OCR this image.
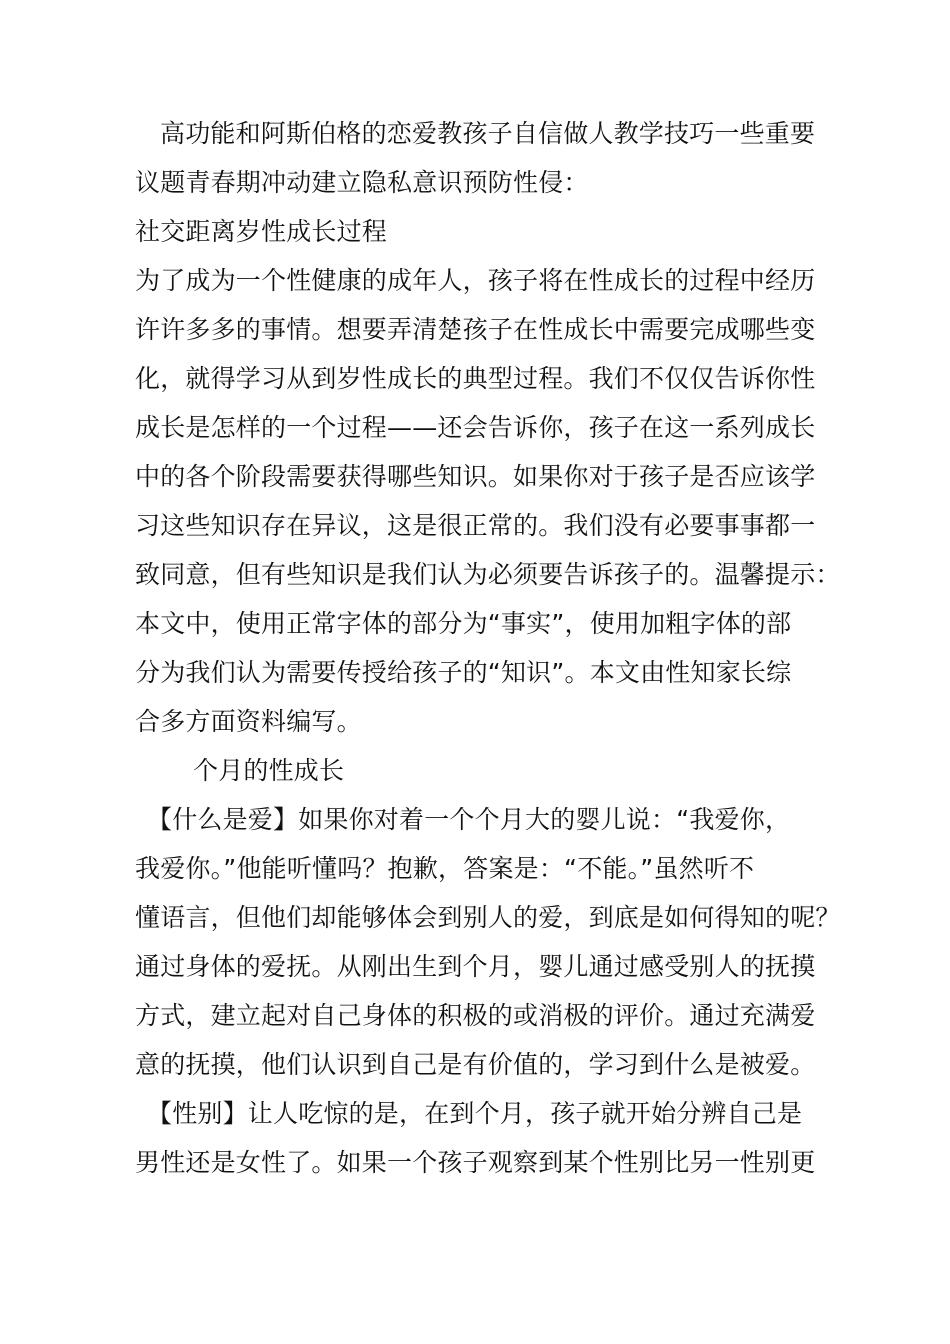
高功能和阿斯伯格的恋爱教孩子自信做人教学技巧一些重要
议题青春期冲动建立隐私意识预防性侵：
社交距离岁性成长过程
为了成为一个性健康的成年人，孩子将在性成长的过程中经历
许许多多的事情。想要弄清楚孩子在性成长中需要完成哪些变
化，就得学习从到岁性成长的典型过程。我们不仅仅告诉你性
成长是怎样的一个过程——还会告诉你，孩子在这一系列成长
中的各个阶段需要获得哪些知识。如果你对于孩子是否应该学
习这些知识存在异议，这是很正常的。我们没有必要事事都一
致同意，但有些知识是我们认为必须要告诉孩子的。温馨提示：
本文中，使用正常字体的部分为“事实”，使用加粗字体的部
分为我们认为需要传授给孩子的“知识”。本文由性知家长综
合多方面资料编写。
个月的性成长
【什么是爱】如果你对着一个个月大的婴儿说：“我爱你，
我爱你。”他能听懂吗？抱歉，答案是：“不能。”虽然听不
懂语言，但他们却能够体会到别人的爱，到底是如何得知的呢？
通过身体的爱抚。从刚出生到个月，婴儿通过感受别人的抚摸
方式，建立起对自己身体的积极的或消极的评价。通过充满爱
意的抚摸，他们认识到自己是有价值的，学习到什么是被爱。
【性别】让人吃惊的是，在到个月，孩子就开始分辨自己是
男性还是女性了。如果一个孩子观察到某个性别比另一性别更
